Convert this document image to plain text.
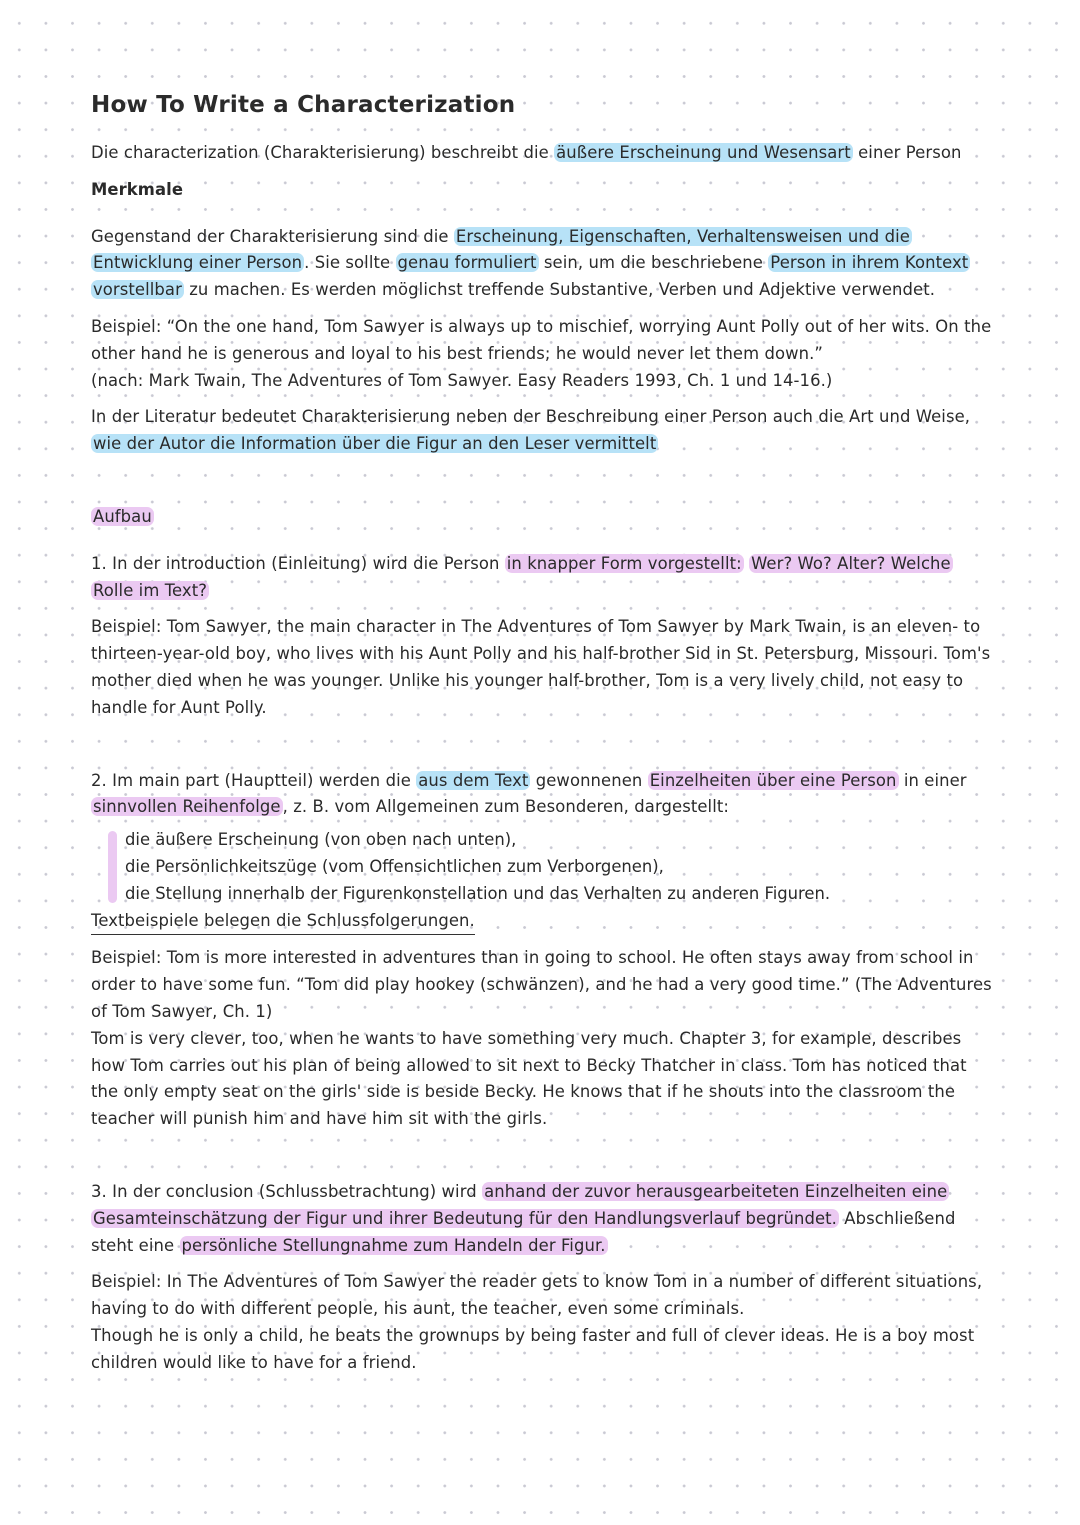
How To Write a Characterization

Die characterization (Charakterisierung) beschreibt die äußere Erscheinung und Wesensart einer Person

Merkmale

Gegenstand der Charakterisierung sind die Erscheinung, Eigenschaften, Verhaltensweisen und die Entwicklung einer Person . Sie sollte genau formuliert sein, um die beschriebene Person in ihrem Kontext vorstellbar zu machen. Es werden möglichst treffende Substantive, Verben und Adjektive verwendet.

Beispiel: “On the one hand, Tom Sawyer is always up to mischief, worrying Aunt Polly out of her wits. On the other hand he is generous and loyal to his best friends; he would never let them down.”

(nach: Mark Twain, The Adventures of Tom Sawyer. Easy Readers 1993, Ch. 1 und 14-16.)

In der Literatur bedeutet Charakterisierung neben der Beschreibung einer Person auch die Art und Weise, wie der Autor die Information über die Figur an den Leser vermittelt

Aufbau

1. In der introduction (Einleitung) wird die Person in knapper Form vorgestellt: Wer? Wo? Alter? Welche Rolle im Text?

Beispiel: Tom Sawyer, the main character in The Adventures of Tom Sawyer by Mark Twain, is an eleven- to thirteen-year-old boy, who lives with his Aunt Polly and his half-brother Sid in St. Petersburg, Missouri. Tom's mother died when he was younger. Unlike his younger half-brother, Tom is a very lively child, not easy to handle for Aunt Polly.

2. Im main part (Hauptteil) werden die aus dem Text gewonnenen Einzelheiten über eine Person in einer sinnvollen Reihenfolge , z. B. vom Allgemeinen zum Besonderen, dargestellt:

die äußere Erscheinung (von oben nach unten),
die Persönlichkeitszüge (vom Offensichtlichen zum Verborgenen),
die Stellung innerhalb der Figurenkonstellation und das Verhalten zu anderen Figuren.

Textbeispiele belegen die Schlussfolgerungen.

Beispiel: Tom is more interested in adventures than in going to school. He often stays away from school in order to have some fun. “Tom did play hookey (schwänzen), and he had a very good time.” (The Adventures of Tom Sawyer, Ch. 1)

Tom is very clever, too, when he wants to have something very much. Chapter 3, for example, describes how Tom carries out his plan of being allowed to sit next to Becky Thatcher in class. Tom has noticed that the only empty seat on the girls' side is beside Becky. He knows that if he shouts into the classroom the teacher will punish him and have him sit with the girls.

3. In der conclusion (Schlussbetrachtung) wird anhand der zuvor herausgearbeiteten Einzelheiten eine Gesamteinschätzung der Figur und ihrer Bedeutung für den Handlungsverlauf begründet. Abschließend steht eine persönliche Stellungnahme zum Handeln der Figur.

Beispiel: In The Adventures of Tom Sawyer the reader gets to know Tom in a number of different situations, having to do with different people, his aunt, the teacher, even some criminals.

Though he is only a child, he beats the grownups by being faster and full of clever ideas. He is a boy most children would like to have for a friend.
